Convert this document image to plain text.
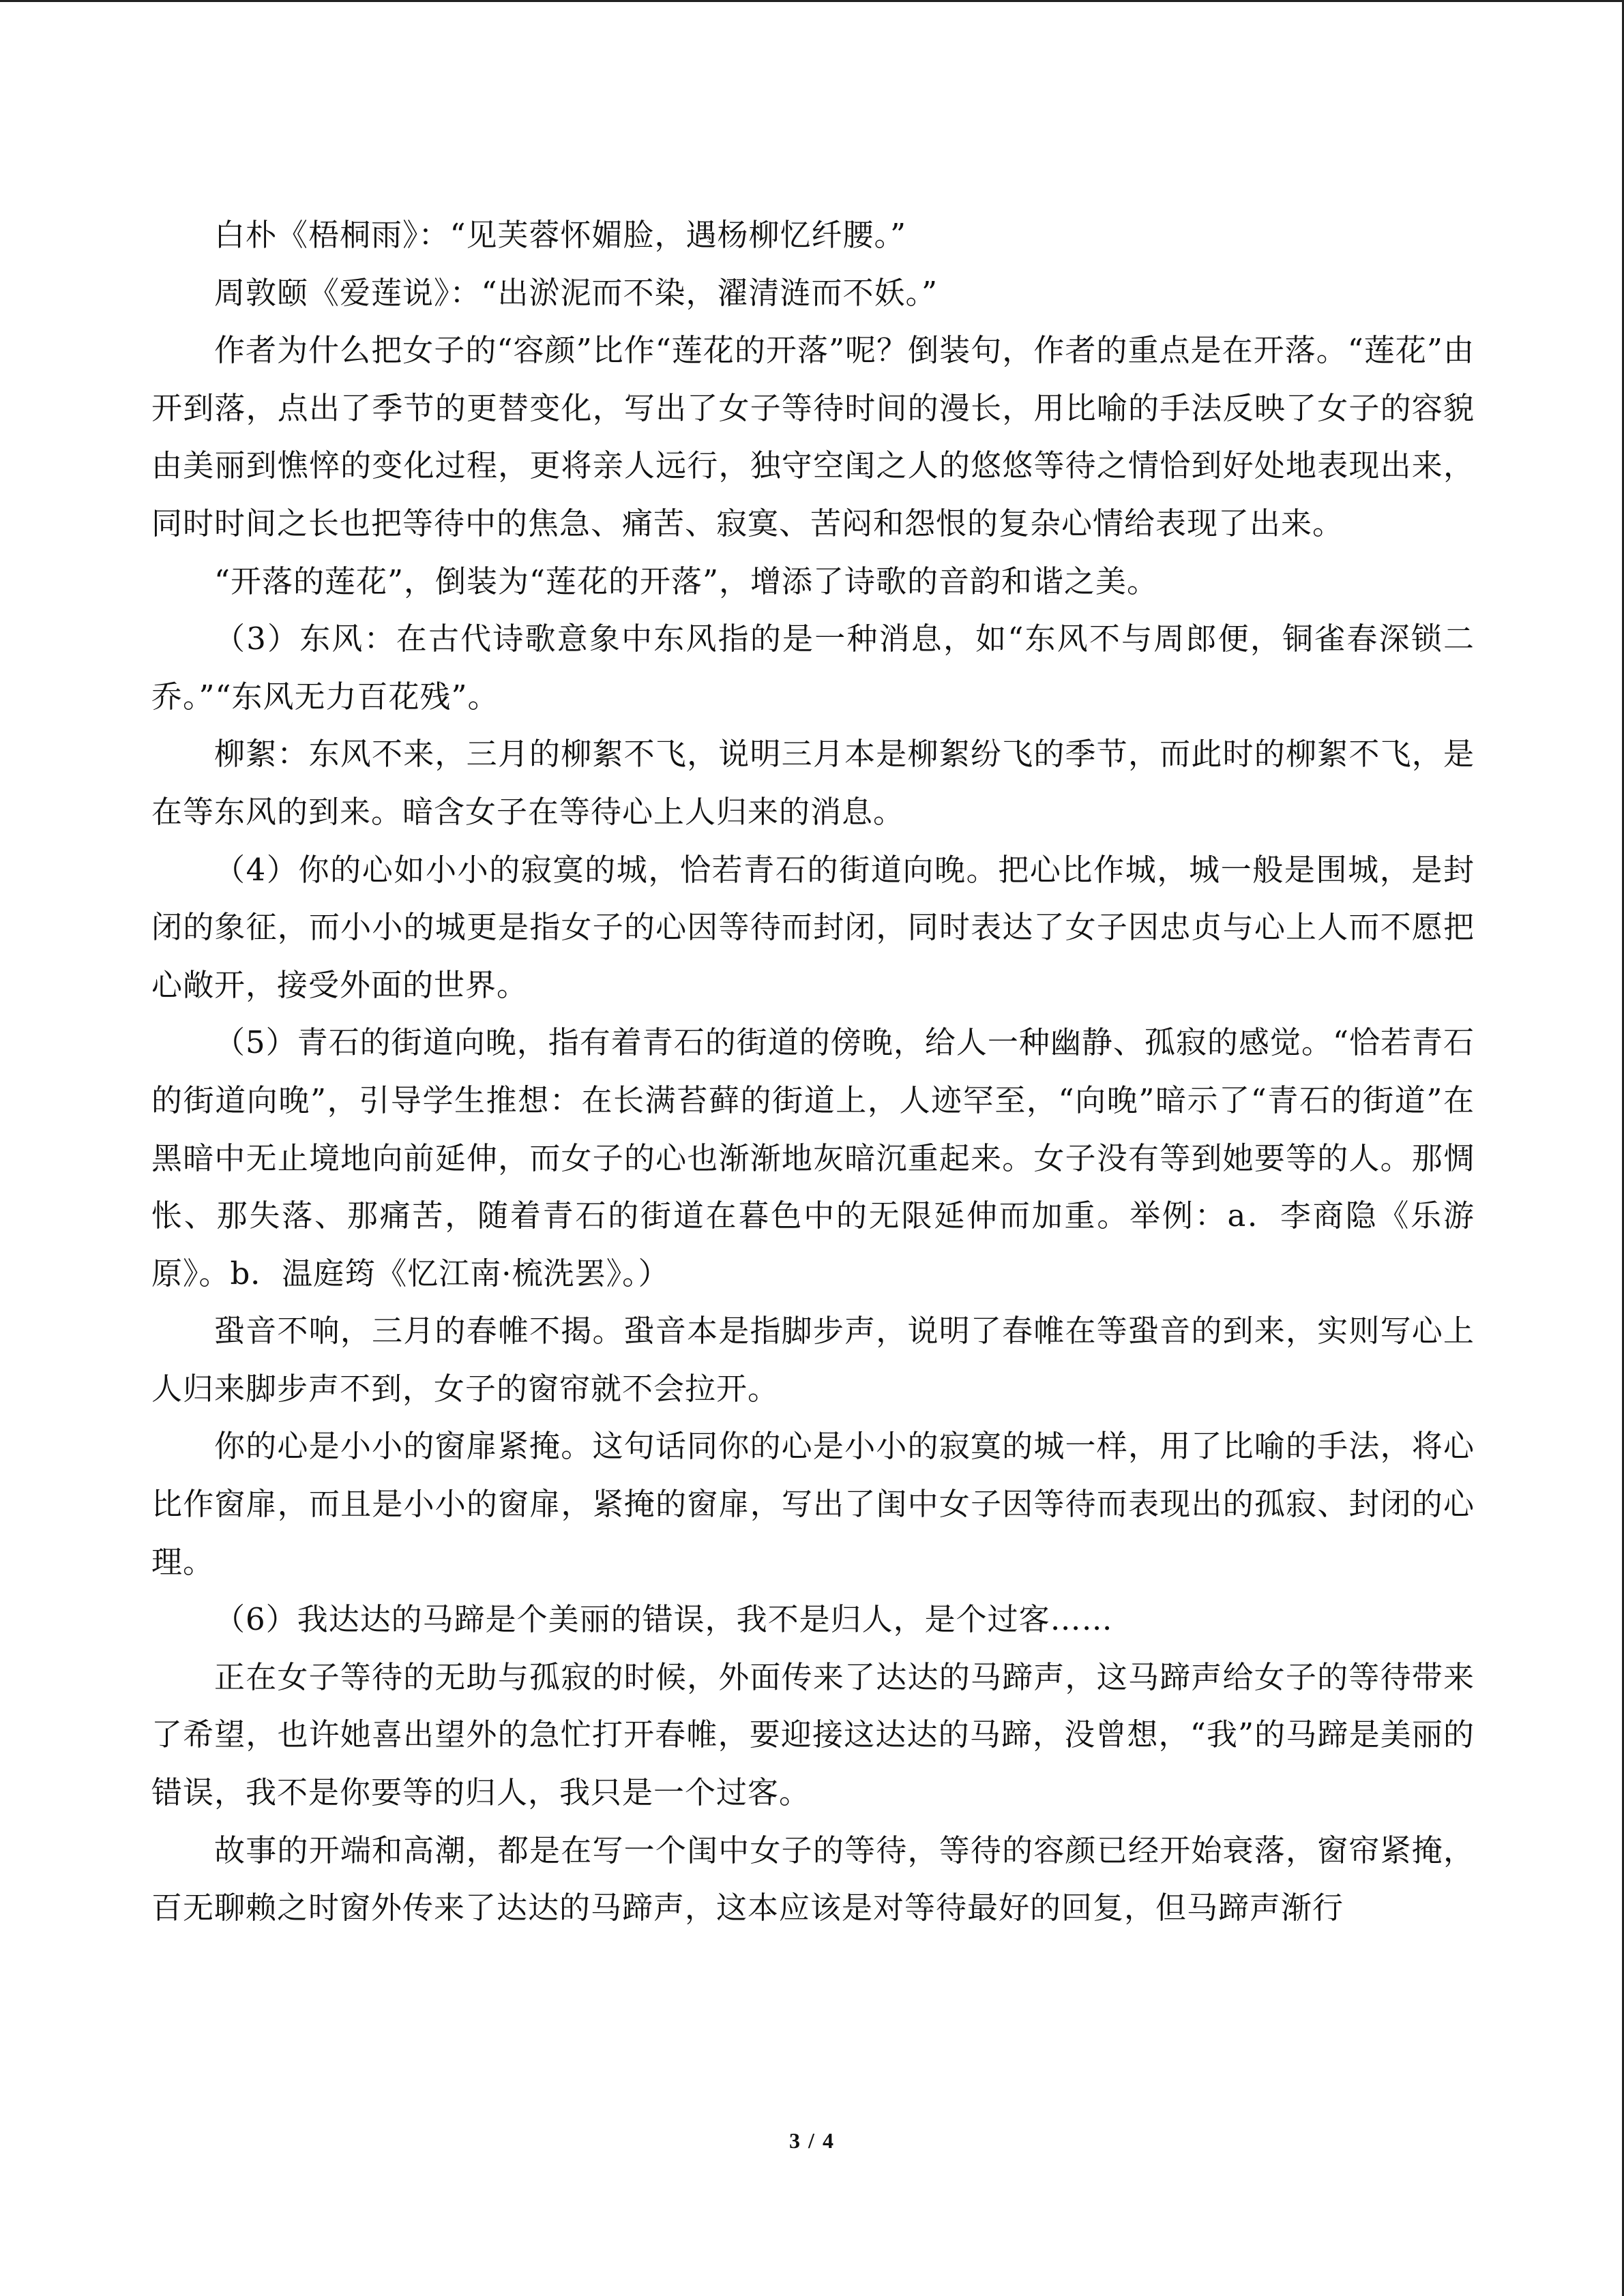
白朴《梧桐雨》：“见芙蓉怀媚脸，遇杨柳忆纤腰。”

周敦颐《爱莲说》：“出淤泥而不染，濯清涟而不妖。”

作者为什么把女子的“容颜”比作“莲花的开落”呢？倒装句，作者的重点是在开落。“莲花”由开到落，点出了季节的更替变化，写出了女子等待时间的漫长，用比喻的手法反映了女子的容貌由美丽到憔悴的变化过程，更将亲人远行，独守空闺之人的悠悠等待之情恰到好处地表现出来，同时时间之长也把等待中的焦急、痛苦、寂寞、苦闷和怨恨的复杂心情给表现了出来。

“开落的莲花”，倒装为“莲花的开落”，增添了诗歌的音韵和谐之美。

（3）东风：在古代诗歌意象中东风指的是一种消息，如“东风不与周郎便，铜雀春深锁二乔。”“东风无力百花残”。

柳絮：东风不来，三月的柳絮不飞，说明三月本是柳絮纷飞的季节，而此时的柳絮不飞，是在等东风的到来。暗含女子在等待心上人归来的消息。

（4）你的心如小小的寂寞的城，恰若青石的街道向晚。把心比作城，城一般是围城，是封闭的象征，而小小的城更是指女子的心因等待而封闭，同时表达了女子因忠贞与心上人而不愿把心敞开，接受外面的世界。

（5）青石的街道向晚，指有着青石的街道的傍晚，给人一种幽静、孤寂的感觉。“恰若青石的街道向晚”，引导学生推想：在长满苔藓的街道上，人迹罕至，“向晚”暗示了“青石的街道”在黑暗中无止境地向前延伸，而女子的心也渐渐地灰暗沉重起来。女子没有等到她要等的人。那惆怅、那失落、那痛苦，随着青石的街道在暮色中的无限延伸而加重。举例：a．李商隐《乐游原》。b．温庭筠《忆江南·梳洗罢》。）

蛩音不响，三月的春帷不揭。蛩音本是指脚步声，说明了春帷在等蛩音的到来，实则写心上人归来脚步声不到，女子的窗帘就不会拉开。

你的心是小小的窗扉紧掩。这句话同你的心是小小的寂寞的城一样，用了比喻的手法，将心比作窗扉，而且是小小的窗扉，紧掩的窗扉，写出了闺中女子因等待而表现出的孤寂、封闭的心理。

（6）我达达的马蹄是个美丽的错误，我不是归人，是个过客……

正在女子等待的无助与孤寂的时候，外面传来了达达的马蹄声，这马蹄声给女子的等待带来了希望，也许她喜出望外的急忙打开春帷，要迎接这达达的马蹄，没曾想，“我”的马蹄是美丽的错误，我不是你要等的归人，我只是一个过客。

故事的开端和高潮，都是在写一个闺中女子的等待，等待的容颜已经开始衰落，窗帘紧掩，百无聊赖之时窗外传来了达达的马蹄声，这本应该是对等待最好的回复，但马蹄声渐行

3 / 4
